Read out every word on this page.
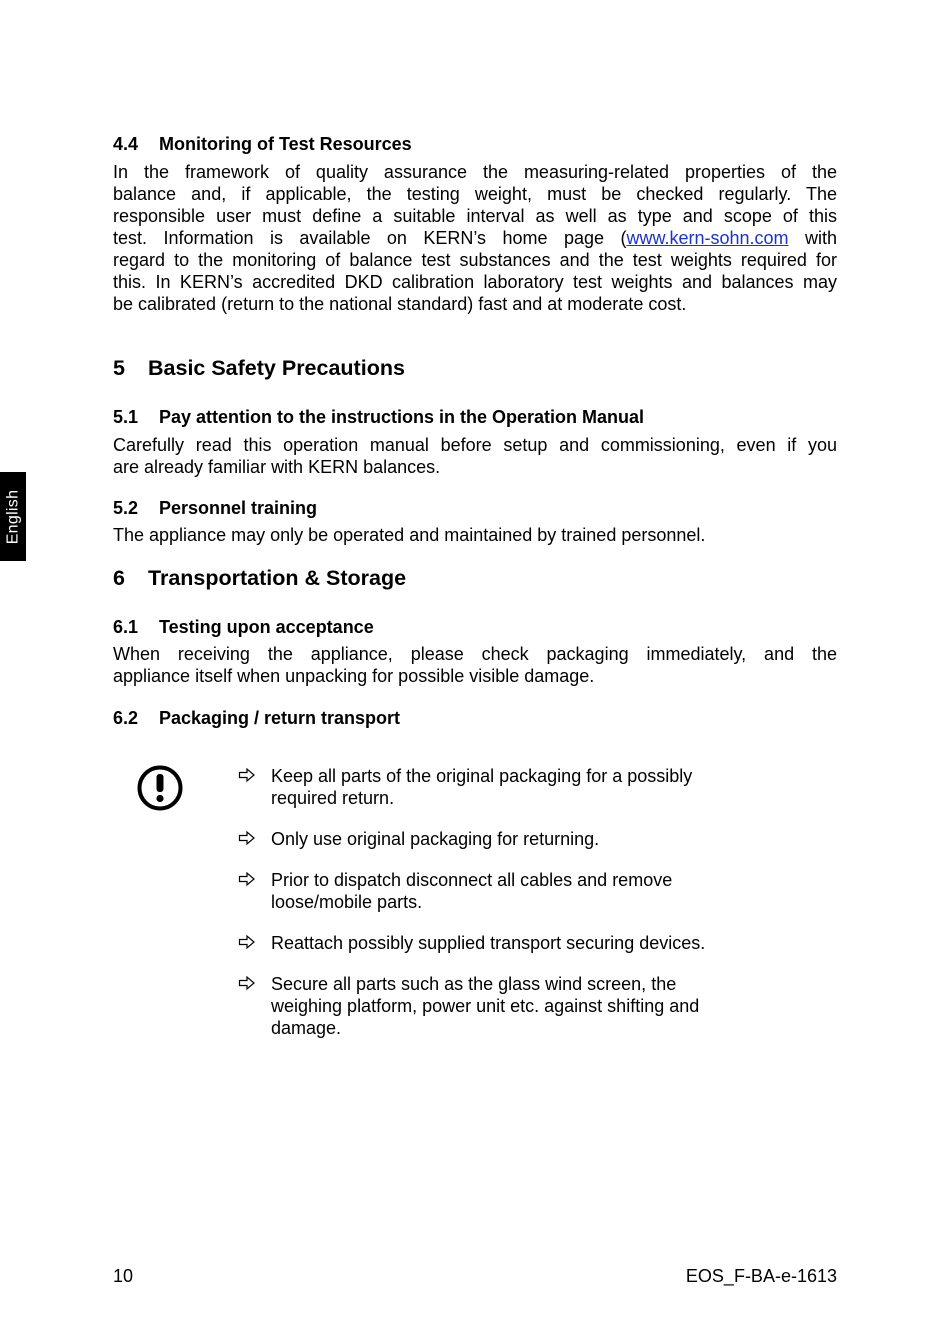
English
4.4 Monitoring of Test Resources
In the framework of quality assurance the measuring-related properties of the
balance and, if applicable, the testing weight, must be checked regularly. The
responsible user must define a suitable interval as well as type and scope of this
test. Information is available on KERN’s home page (www.kern-sohn.com with
regard to the monitoring of balance test substances and the test weights required for
this. In KERN’s accredited DKD calibration laboratory test weights and balances may
be calibrated (return to the national standard) fast and at moderate cost.
5 Basic Safety Precautions
5.1 Pay attention to the instructions in the Operation Manual
Carefully read this operation manual before setup and commissioning, even if you
are already familiar with KERN balances.
5.2 Personnel training
The appliance may only be operated and maintained by trained personnel.
6 Transportation & Storage
6.1 Testing upon acceptance
When receiving the appliance, please check packaging immediately, and the
appliance itself when unpacking for possible visible damage.
6.2 Packaging / return transport
Keep all parts of the original packaging for a possibly
required return.
Only use original packaging for returning.
Prior to dispatch disconnect all cables and remove
loose/mobile parts.
Reattach possibly supplied transport securing devices.
Secure all parts such as the glass wind screen, the
weighing platform, power unit etc. against shifting and
damage.
10	EOS_F-BA-e-1613
